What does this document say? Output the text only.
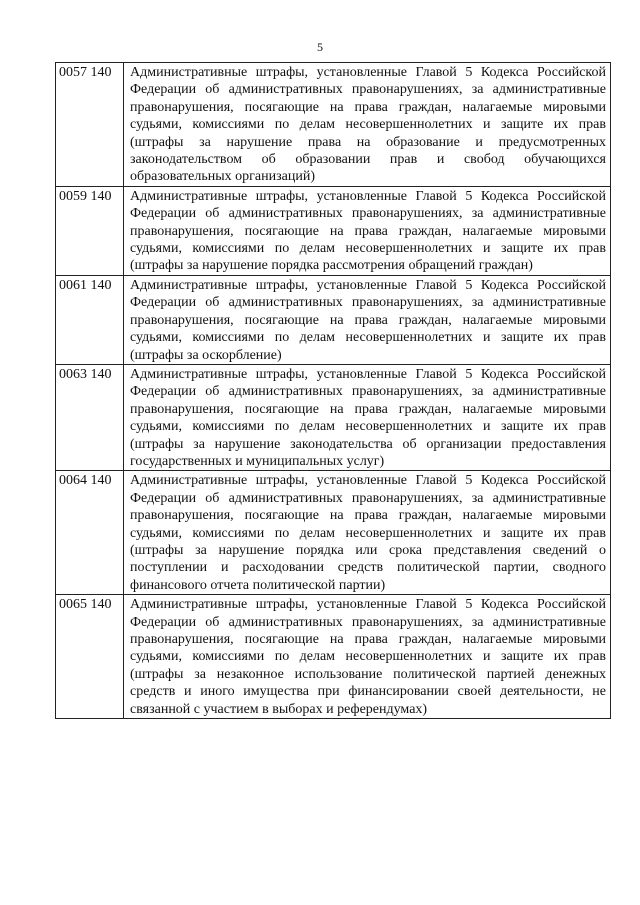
5
0057 140	Административные штрафы, установленные Главой 5 Кодекса Российской Федерации об административных правонарушениях, за административные правонарушения, посягающие на права граждан, налагаемые мировыми судьями, комиссиями по делам несовершеннолетних и защите их прав (штрафы за нарушение права на образование и предусмотренных законодательством об образовании прав и свобод обучающихся образовательных организаций)
0059 140	Административные штрафы, установленные Главой 5 Кодекса Российской Федерации об административных правонарушениях, за административные правонарушения, посягающие на права граждан, налагаемые мировыми судьями, комиссиями по делам несовершеннолетних и защите их прав (штрафы за нарушение порядка рассмотрения обращений граждан)
0061 140	Административные штрафы, установленные Главой 5 Кодекса Российской Федерации об административных правонарушениях, за административные правонарушения, посягающие на права граждан, налагаемые мировыми судьями, комиссиями по делам несовершеннолетних и защите их прав (штрафы за оскорбление)
0063 140	Административные штрафы, установленные Главой 5 Кодекса Российской Федерации об административных правонарушениях, за административные правонарушения, посягающие на права граждан, налагаемые мировыми судьями, комиссиями по делам несовершеннолетних и защите их прав (штрафы за нарушение законодательства об организации предоставления государственных и муниципальных услуг)
0064 140	Административные штрафы, установленные Главой 5 Кодекса Российской Федерации об административных правонарушениях, за административные правонарушения, посягающие на права граждан, налагаемые мировыми судьями, комиссиями по делам несовершеннолетних и защите их прав (штрафы за нарушение порядка или срока представления сведений о поступлении и расходовании средств политической партии, сводного финансового отчета политической партии)
0065 140	Административные штрафы, установленные Главой 5 Кодекса Российской Федерации об административных правонарушениях, за административные правонарушения, посягающие на права граждан, налагаемые мировыми судьями, комиссиями по делам несовершеннолетних и защите их прав (штрафы за незаконное использование политической партией денежных средств и иного имущества при финансировании своей деятельности, не связанной с участием в выборах и референдумах)
